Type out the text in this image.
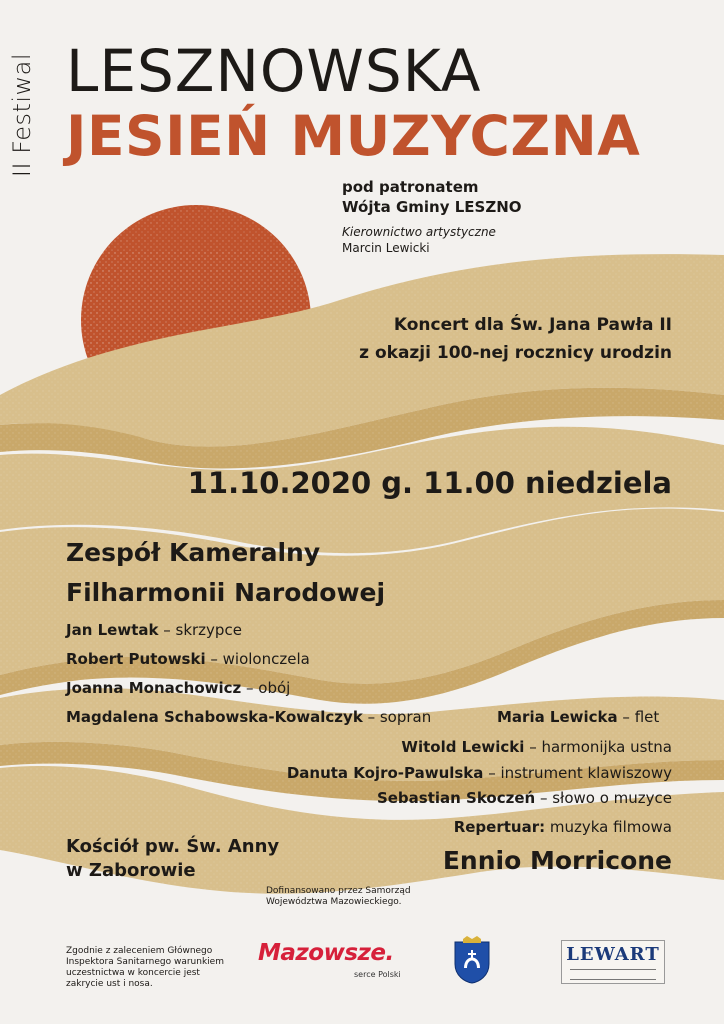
II Festiwal LESZNOWSKA
JESIEŃ MUZYCZNA
pod patronatem
Wójta Gminy LESZNO
Kierownictwo artystyczne
Marcin Lewicki
Koncert dla Św. Jana Pawła II
z okazji 100-nej rocznicy urodzin
11.10.2020 g. 11.00 niedziela
Zespół Kameralny
Filharmonii Narodowej
Jan Lewtak – skrzypce
Robert Putowski – wiolonczela
Joanna Monachowicz – obój
Magdalena Schabowska-Kowalczyk – sopran	Maria Lewicka – flet
Witold Lewicki – harmonijka ustna
Danuta Kojro-Pawulska – instrument klawiszowy
Sebastian Skoczeń – słowo o muzyce
Repertuar: muzyka filmowa
Ennio Morricone
Kościół pw. Św. Anny
w Zaborowie
Dofinansowano przez Samorząd Województwa Mazowieckiego.
Zgodnie z zaleceniem Głównego Inspektora Sanitarnego warunkiem uczestnictwa w koncercie jest zakrycie ust i nosa.
Mazowsze.
serce Polski
LEWART
